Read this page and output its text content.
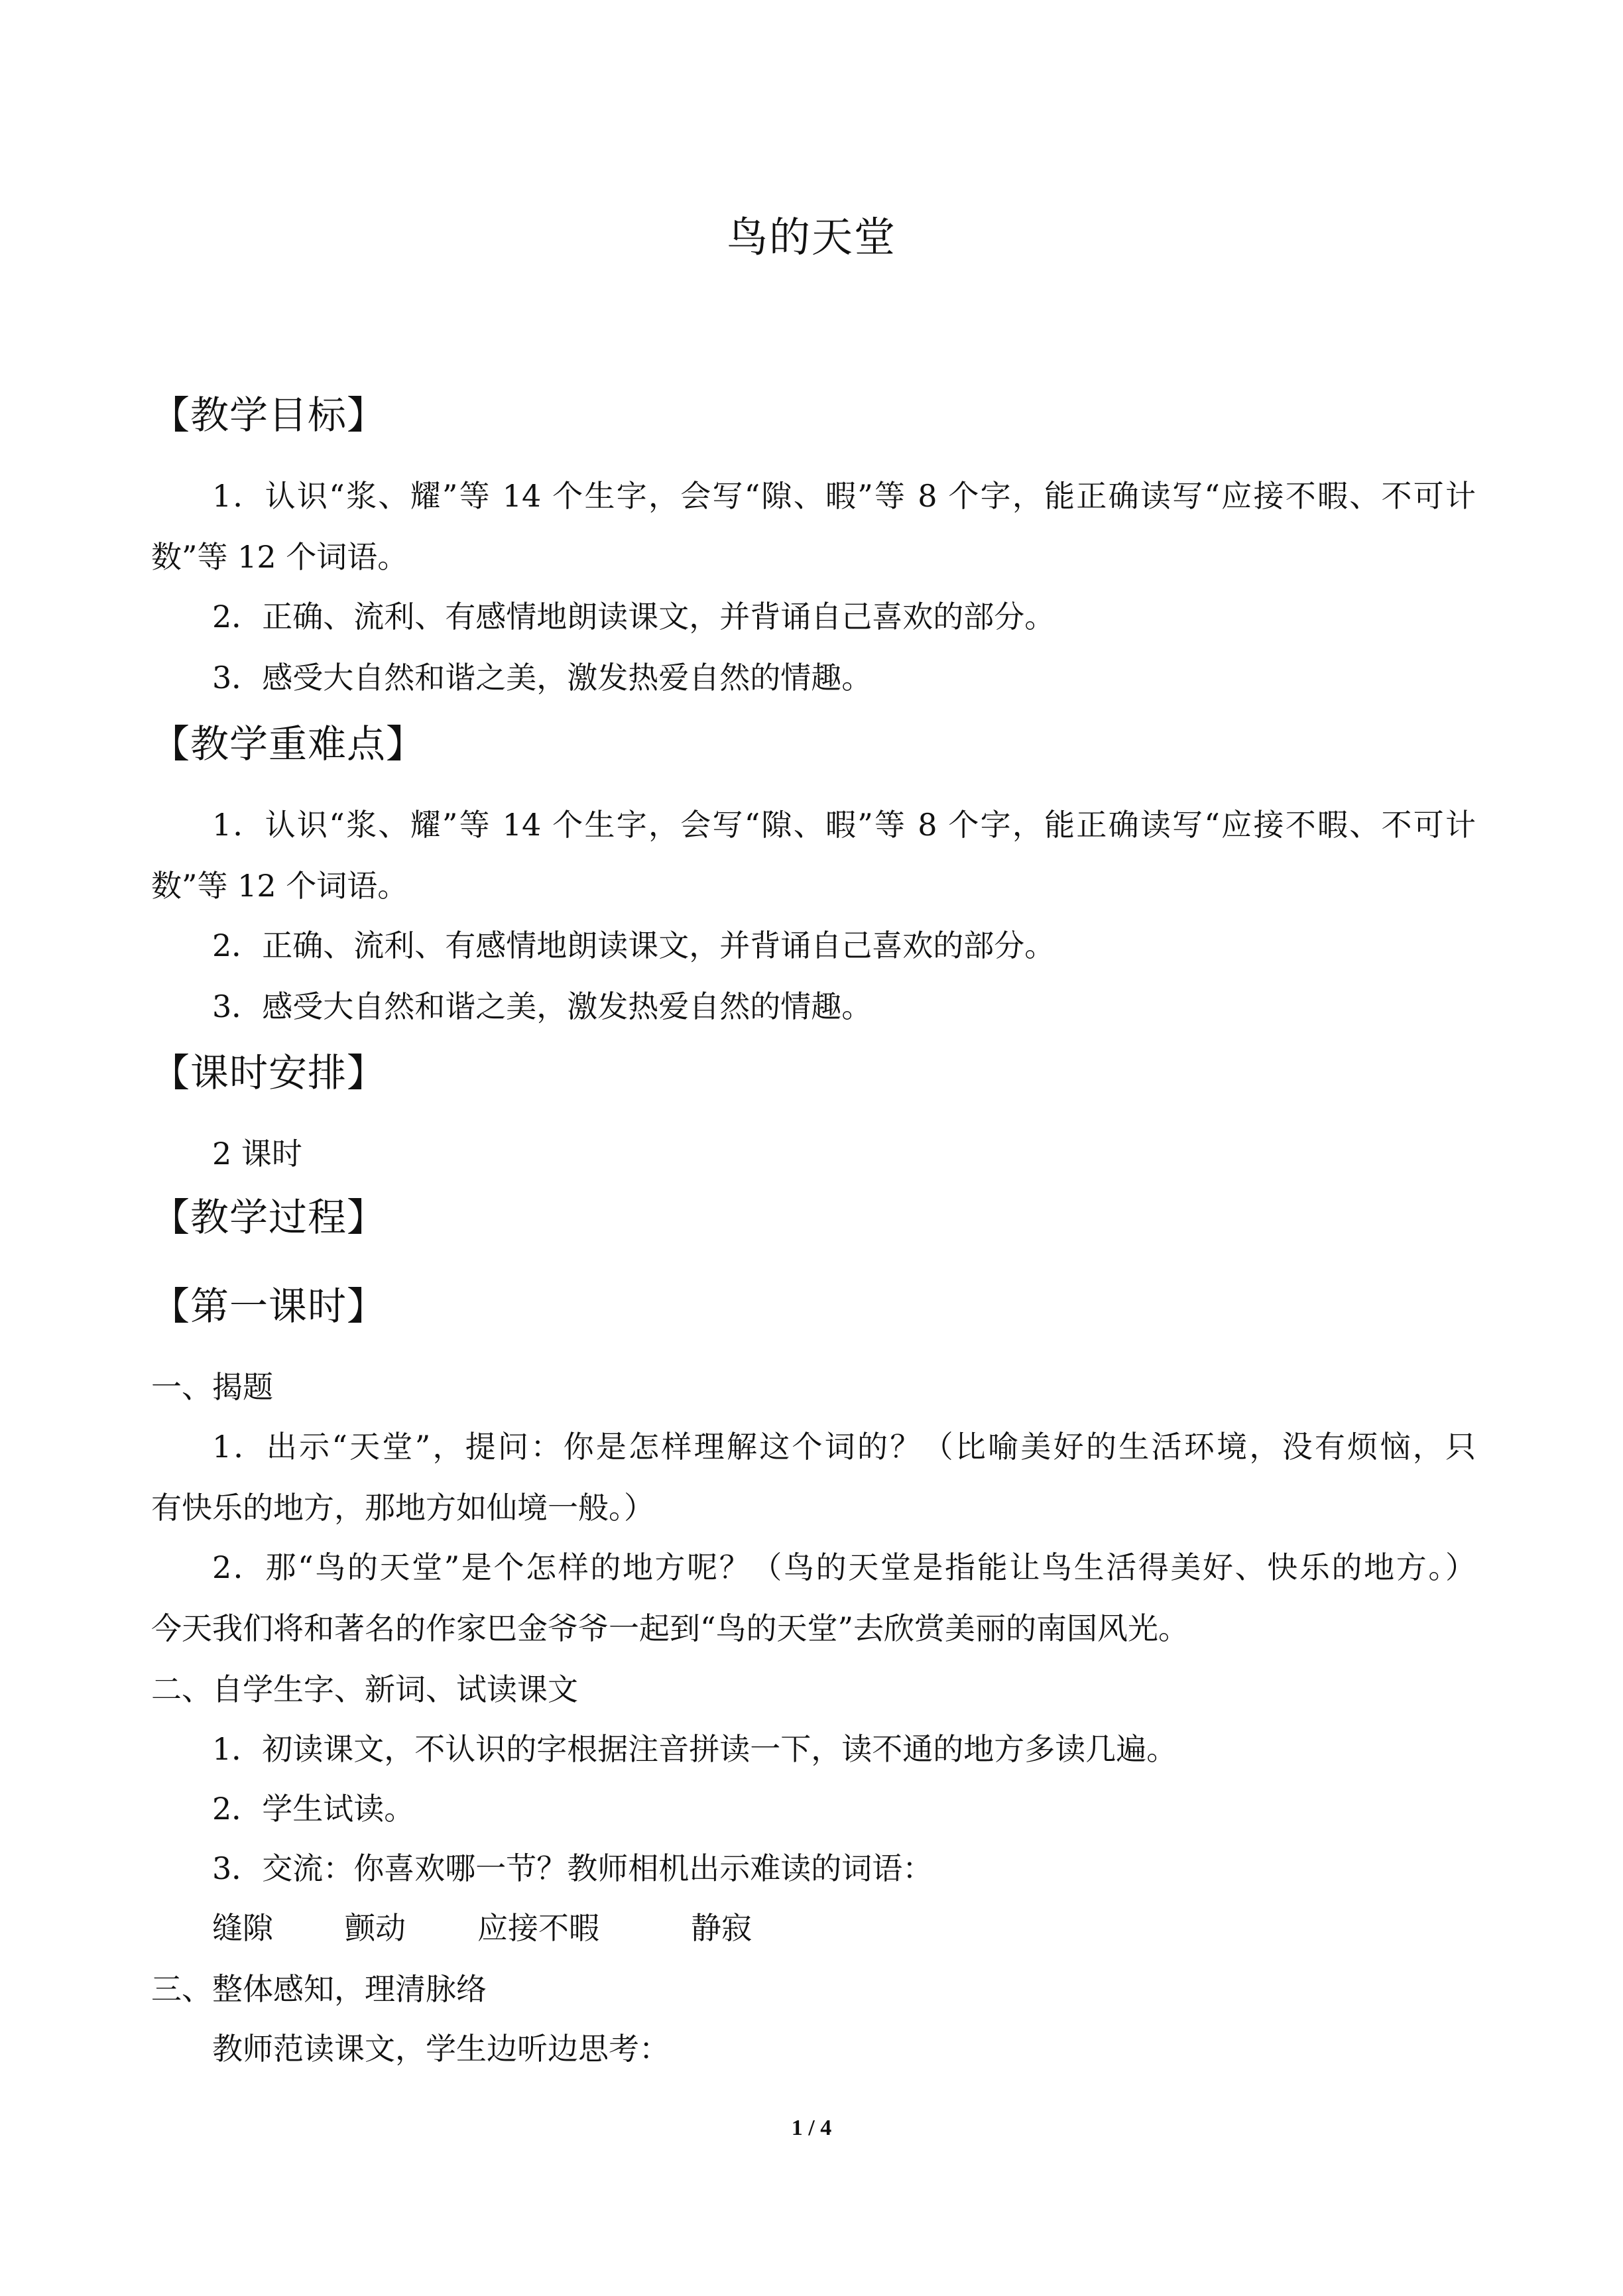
鸟的天堂
【教学目标】
1．认识“浆、耀”等 14 个生字，会写“隙、暇”等 8 个字，能正确读写“应接不暇、不可计
数”等 12 个词语。
2．正确、流利、有感情地朗读课文，并背诵自己喜欢的部分。
3．感受大自然和谐之美，激发热爱自然的情趣。
【教学重难点】
1．认识“浆、耀”等 14 个生字，会写“隙、暇”等 8 个字，能正确读写“应接不暇、不可计
数”等 12 个词语。
2．正确、流利、有感情地朗读课文，并背诵自己喜欢的部分。
3．感受大自然和谐之美，激发热爱自然的情趣。
【课时安排】
2 课时
【教学过程】
【第一课时】
一、揭题
1．出示“天堂”，提问：你是怎样理解这个词的？（比喻美好的生活环境，没有烦恼，只
有快乐的地方，那地方如仙境一般。）
2．那“鸟的天堂”是个怎样的地方呢？（鸟的天堂是指能让鸟生活得美好、快乐的地方。）
今天我们将和著名的作家巴金爷爷一起到“鸟的天堂”去欣赏美丽的南国风光。
二、自学生字、新词、试读课文
1．初读课文，不认识的字根据注音拼读一下，读不通的地方多读几遍。
2．学生试读。
3．交流：你喜欢哪一节？教师相机出示难读的词语：
缝隙 颤动 应接不暇	静寂
三、整体感知，理清脉络
教师范读课文，学生边听边思考：
1 / 4
